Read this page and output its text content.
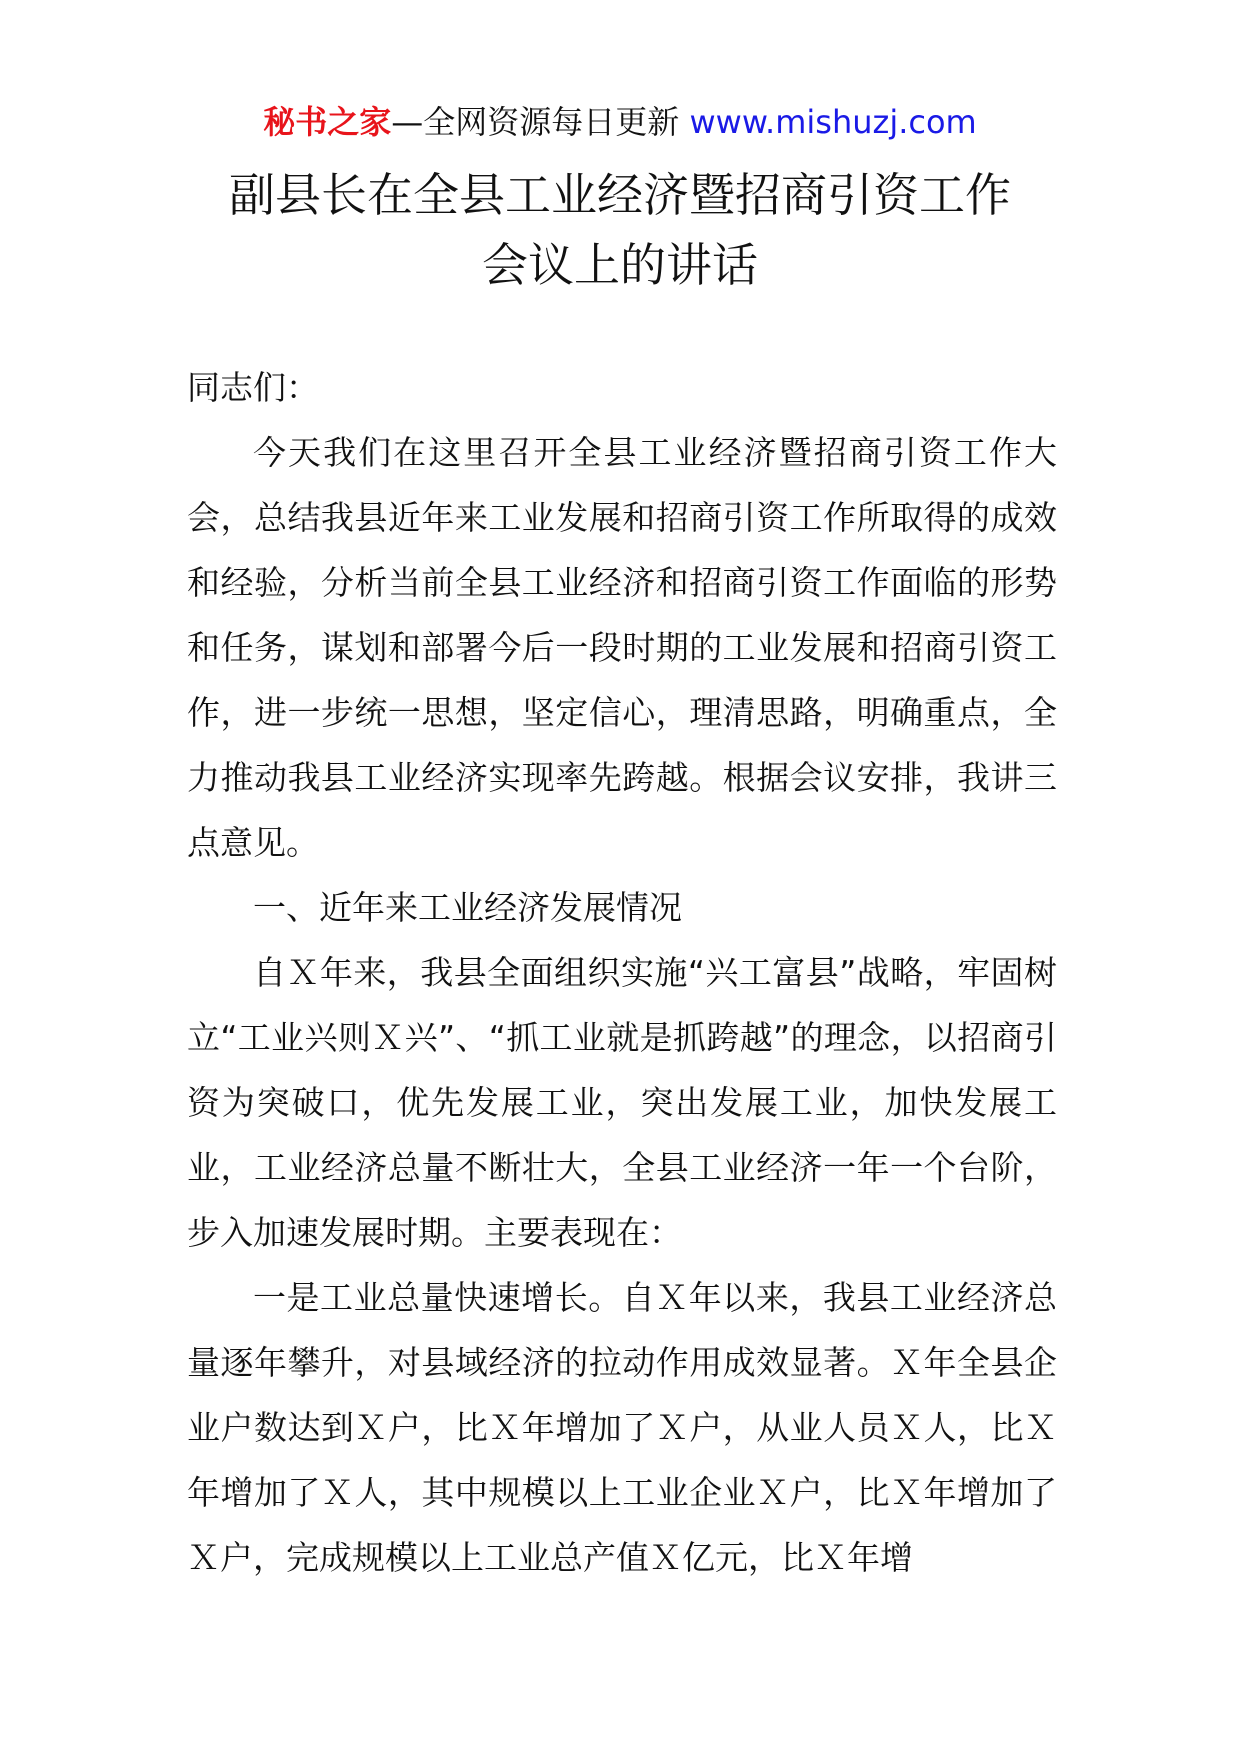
秘书之家—全网资源每日更新 www.mishuzj.com
副县长在全县工业经济暨招商引资工作
会议上的讲话

同志们：

今天我们在这里召开全县工业经济暨招商引资工作大会，总结我县近年来工业发展和招商引资工作所取得的成效和经验，分析当前全县工业经济和招商引资工作面临的形势和任务，谋划和部署今后一段时期的工业发展和招商引资工作，进一步统一思想，坚定信心，理清思路，明确重点，全力推动我县工业经济实现率先跨越。根据会议安排，我讲三点意见。

一、近年来工业经济发展情况

自Ｘ年来，我县全面组织实施“兴工富县”战略，牢固树立“工业兴则Ｘ兴”、“抓工业就是抓跨越”的理念，以招商引资为突破口，优先发展工业，突出发展工业，加快发展工业，工业经济总量不断壮大，全县工业经济一年一个台阶，步入加速发展时期。主要表现在：

一是工业总量快速增长。自Ｘ年以来，我县工业经济总量逐年攀升，对县域经济的拉动作用成效显著。Ｘ年全县企业户数达到Ｘ户，比Ｘ年增加了Ｘ户，从业人员Ｘ人，比Ｘ年增加了Ｘ人，其中规模以上工业企业Ｘ户，比Ｘ年增加了Ｘ户，完成规模以上工业总产值Ｘ亿元，比Ｘ年增
